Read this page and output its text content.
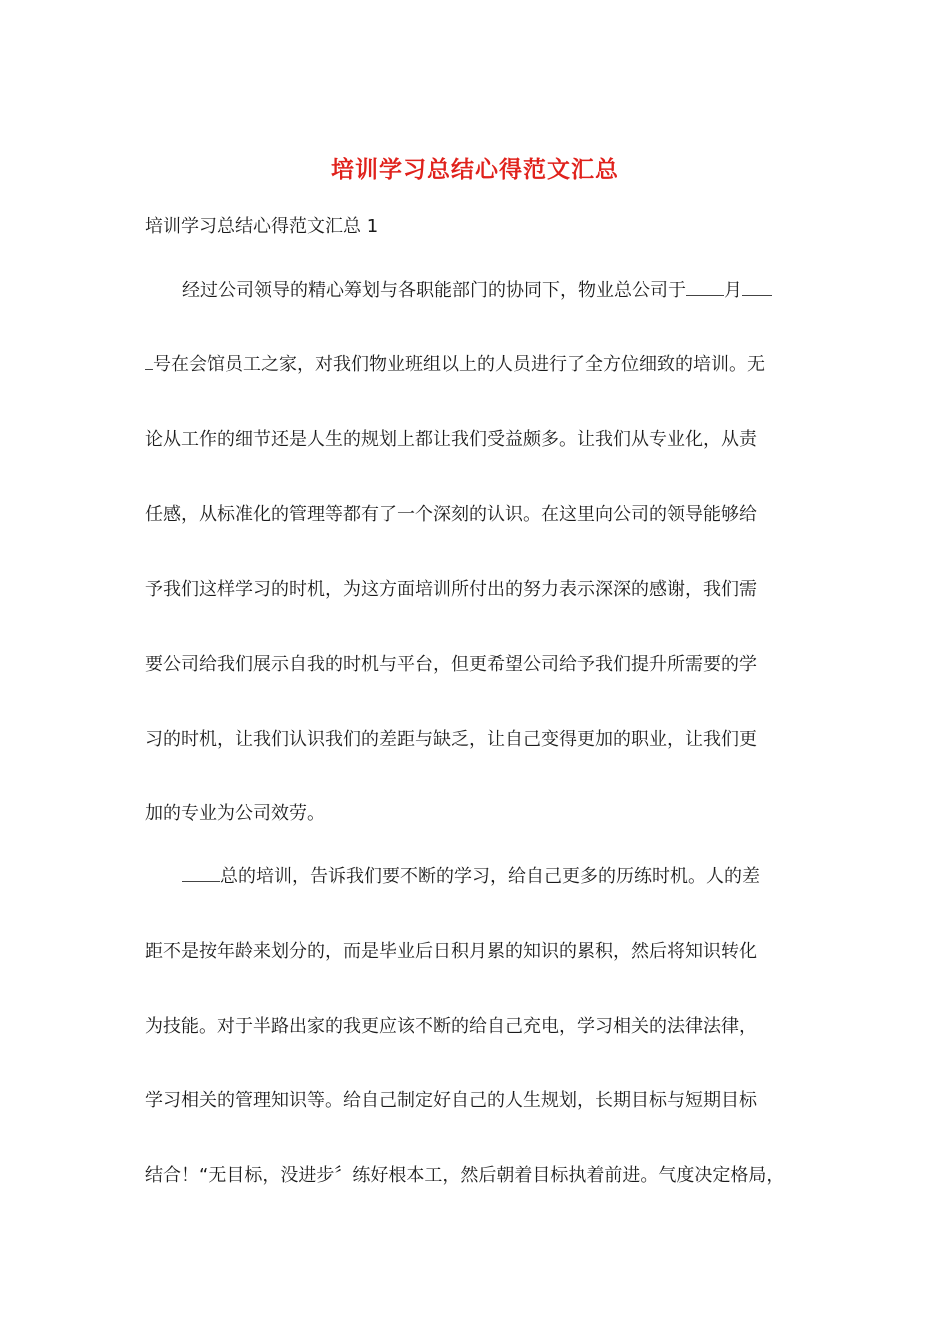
培训学习总结心得范文汇总
培训学习总结心得范文汇总 1
经过公司领导的精心筹划与各职能部门的协同下，物业总公司于 月
号在会馆员工之家，对我们物业班组以上的人员进行了全方位细致的培训。无
论从工作的细节还是人生的规划上都让我们受益颇多。让我们从专业化，从责
任感，从标准化的管理等都有了一个深刻的认识。在这里向公司的领导能够给
予我们这样学习的时机，为这方面培训所付出的努力表示深深的感谢，我们需
要公司给我们展示自我的时机与平台，但更希望公司给予我们提升所需要的学
习的时机，让我们认识我们的差距与缺乏，让自己变得更加的职业，让我们更
加的专业为公司效劳。
总的培训，告诉我们要不断的学习，给自己更多的历练时机。人的差
距不是按年龄来划分的，而是毕业后日积月累的知识的累积，然后将知识转化
为技能。对于半路出家的我更应该不断的给自己充电，学习相关的法律法律，
学习相关的管理知识等。给自己制定好自己的人生规划，长期目标与短期目标
结合！“无目标，没进步〞练好根本工，然后朝着目标执着前进。气度决定格局，
